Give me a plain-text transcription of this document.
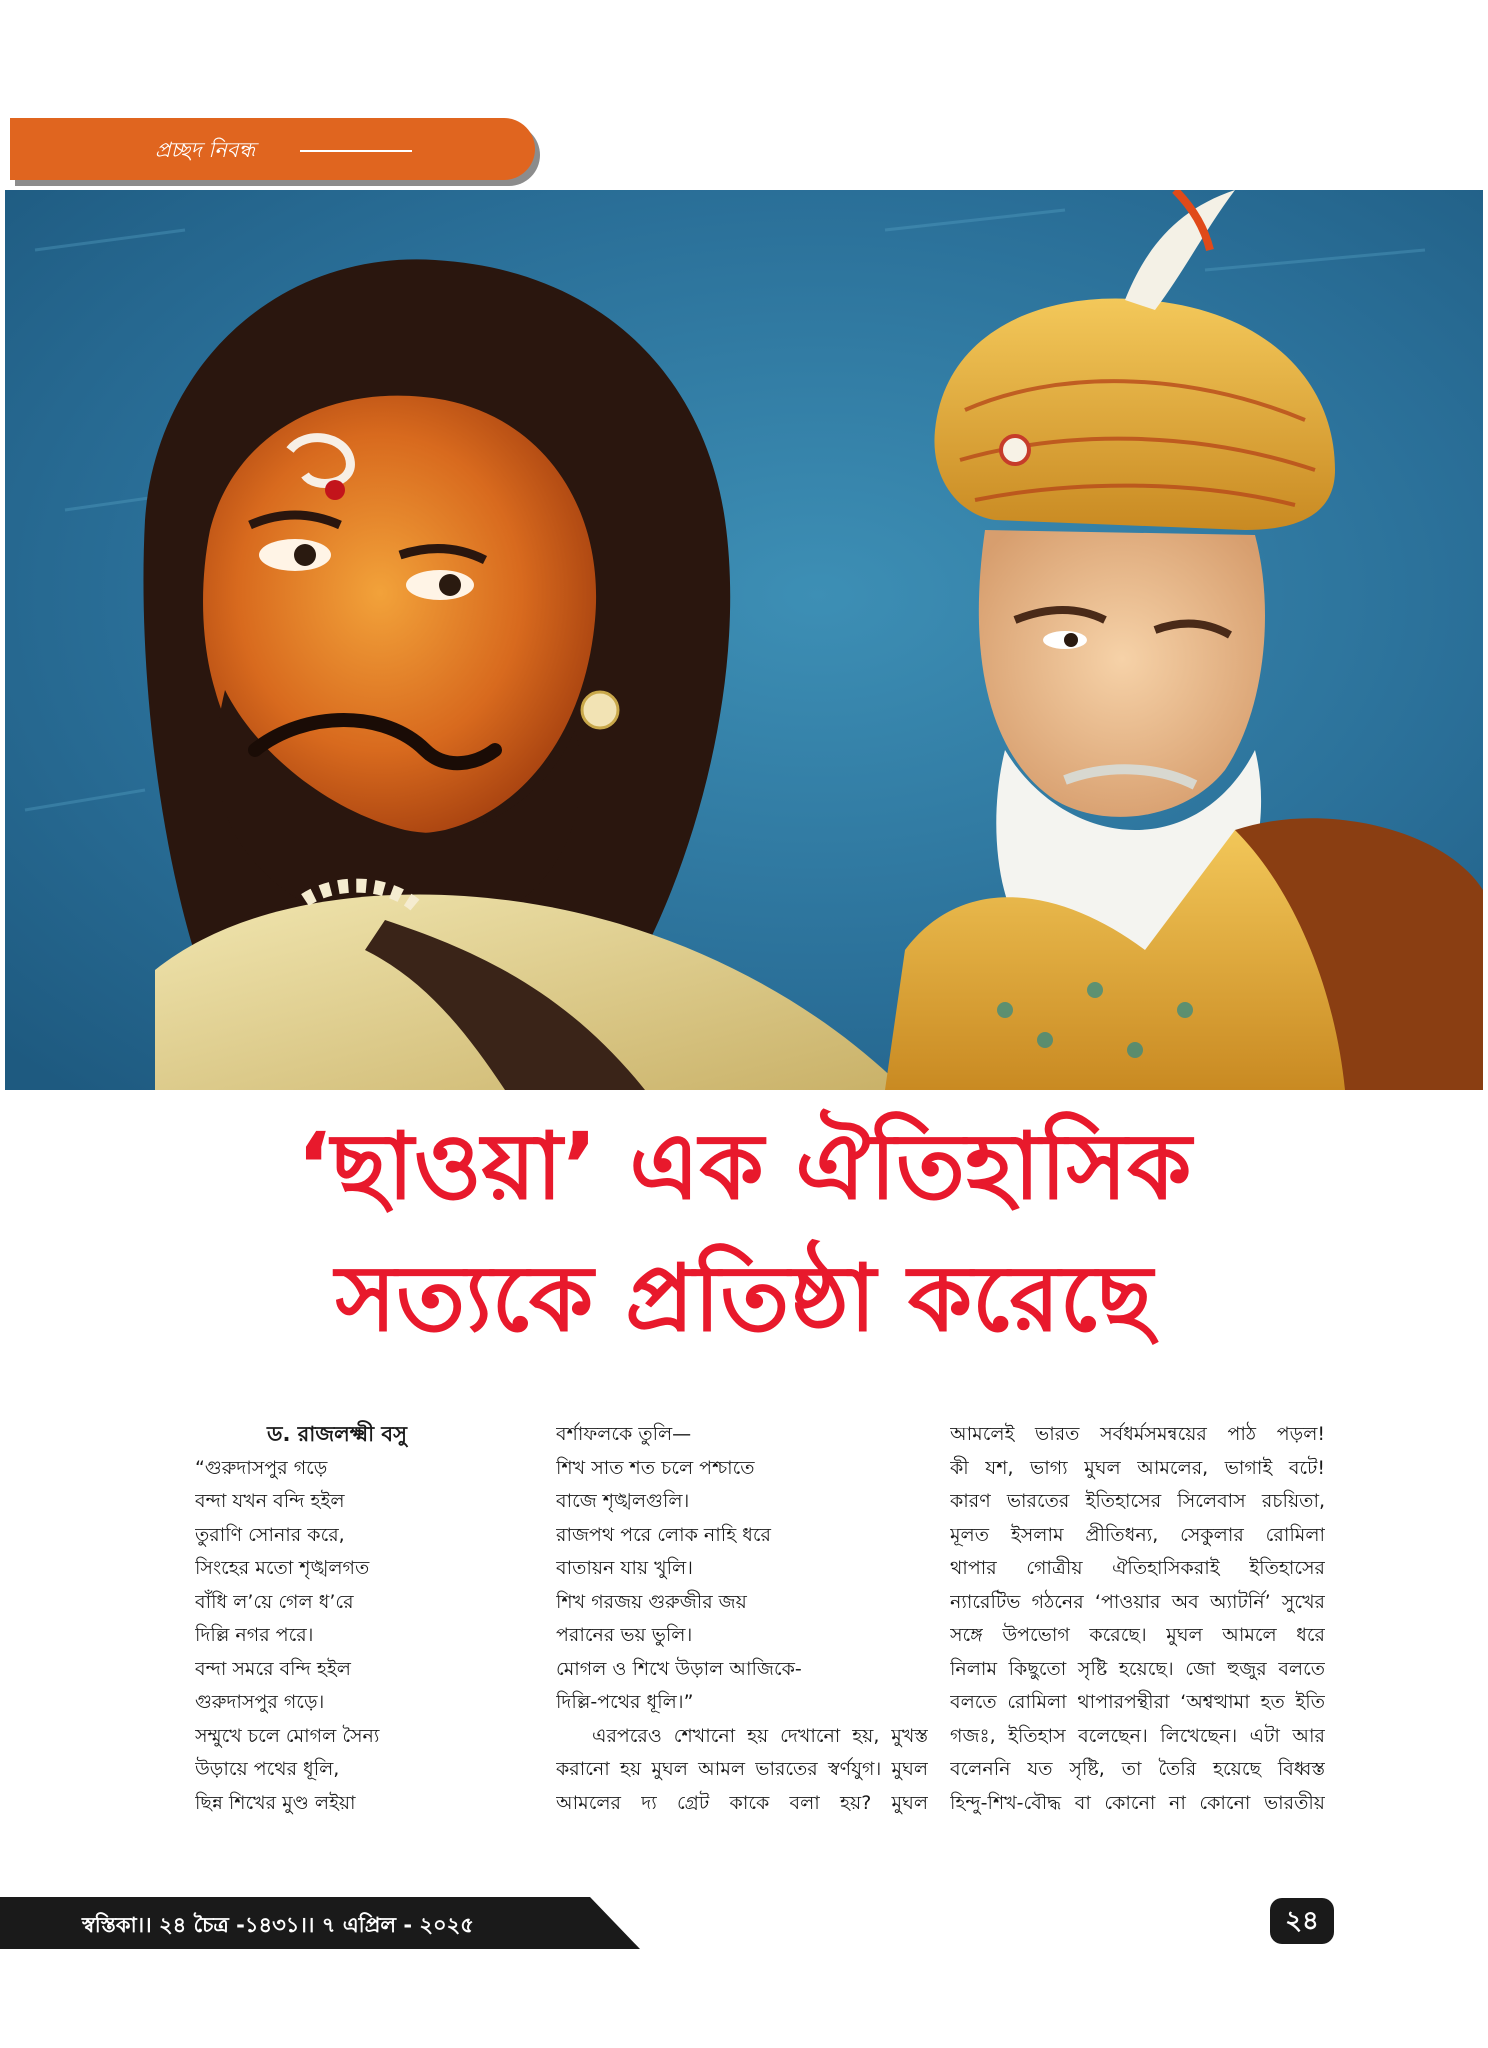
প্রচ্ছদ নিবন্ধ
‘ছাওয়া’ এক ঐতিহাসিক
সত্যকে প্রতিষ্ঠা করেছে
ড. রাজলক্ষ্মী বসু
“গুরুদাসপুর গড়ে
বন্দা যখন বন্দি হইল
তুরাণি সোনার করে,
সিংহের মতো শৃঙ্খলগত
বাঁধি ল’য়ে গেল ধ’রে
দিল্লি নগর পরে।
বন্দা সমরে বন্দি হইল
গুরুদাসপুর গড়ে।
সম্মুখে চলে মোগল সৈন্য
উড়ায়ে পথের ধূলি,
ছিন্ন শিখের মুণ্ড লইয়া
বর্শাফলকে তুলি—
শিখ সাত শত চলে পশ্চাতে
বাজে শৃঙ্খলগুলি।
রাজপথ পরে লোক নাহি ধরে
বাতায়ন যায় খুলি।
শিখ গরজয় গুরুজীর জয়
পরানের ভয় ভুলি।
মোগল ও শিখে উড়াল আজিকে-
দিল্লি-পথের ধূলি।”
এরপরেও শেখানো হয় দেখানো হয়, মুখস্ত
করানো হয় মুঘল আমল ভারতের স্বর্ণযুগ। মুঘল
আমলের দ্য গ্রেট কাকে বলা হয়? মুঘল
আমলেই ভারত সর্বধর্মসমন্বয়ের পাঠ পড়ল!
কী যশ, ভাগ্য মুঘল আমলের, ভাগাই বটে!
কারণ ভারতের ইতিহাসের সিলেবাস রচয়িতা,
মূলত ইসলাম প্রীতিধন্য, সেকুলার রোমিলা
থাপার গোত্রীয় ঐতিহাসিকরাই ইতিহাসের
ন্যারেটিভ গঠনের ‘পাওয়ার অব অ্যাটর্নি’ সুখের
সঙ্গে উপভোগ করেছে। মুঘল আমলে ধরে
নিলাম কিছুতো সৃষ্টি হয়েছে। জো হুজুর বলতে
বলতে রোমিলা থাপারপন্থীরা ‘অশ্বত্থামা হত ইতি
গজঃ, ইতিহাস বলেছেন। লিখেছেন। এটা আর
বলেননি যত সৃষ্টি, তা তৈরি হয়েছে বিধ্বস্ত
হিন্দু-শিখ-বৌদ্ধ বা কোনো না কোনো ভারতীয়
স্বস্তিকা।। ২৪ চৈত্র -১৪৩১।। ৭ এপ্রিল - ২০২৫	২৪
